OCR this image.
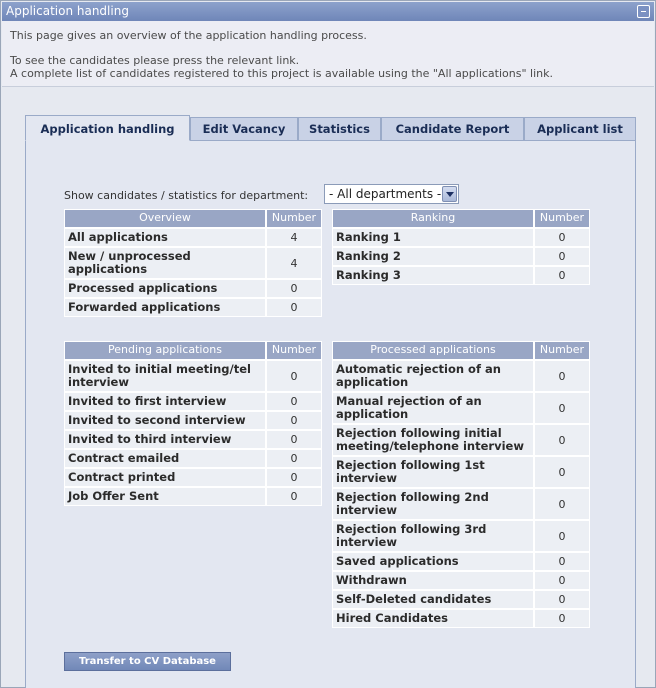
Application handling

This page gives an overview of the application handling process.

To see the candidates please press the relevant link.

A complete list of candidates registered to this project is available using the "All applications" link.

Application handling	Edit Vacancy	Statistics	Candidate Report	Applicant list
Show candidates / statistics for department:	- All departments -
Overview	Number
All applications	4
New / unprocessed applications	4
Processed applications	0
Forwarded applications	0
Ranking	Number
Ranking 1	0
Ranking 2	0
Ranking 3	0
Pending applications	Number
Invited to initial meeting/tel interview	0
Invited to first interview	0
Invited to second interview	0
Invited to third interview	0
Contract emailed	0
Contract printed	0
Job Offer Sent	0
Processed applications	Number
Automatic rejection of an application	0
Manual rejection of an application	0
Rejection following initial meeting/telephone interview	0
Rejection following 1st interview	0
Rejection following 2nd interview	0
Rejection following 3rd interview	0
Saved applications	0
Withdrawn	0
Self-Deleted candidates	0
Hired Candidates	0
Transfer to CV Database
